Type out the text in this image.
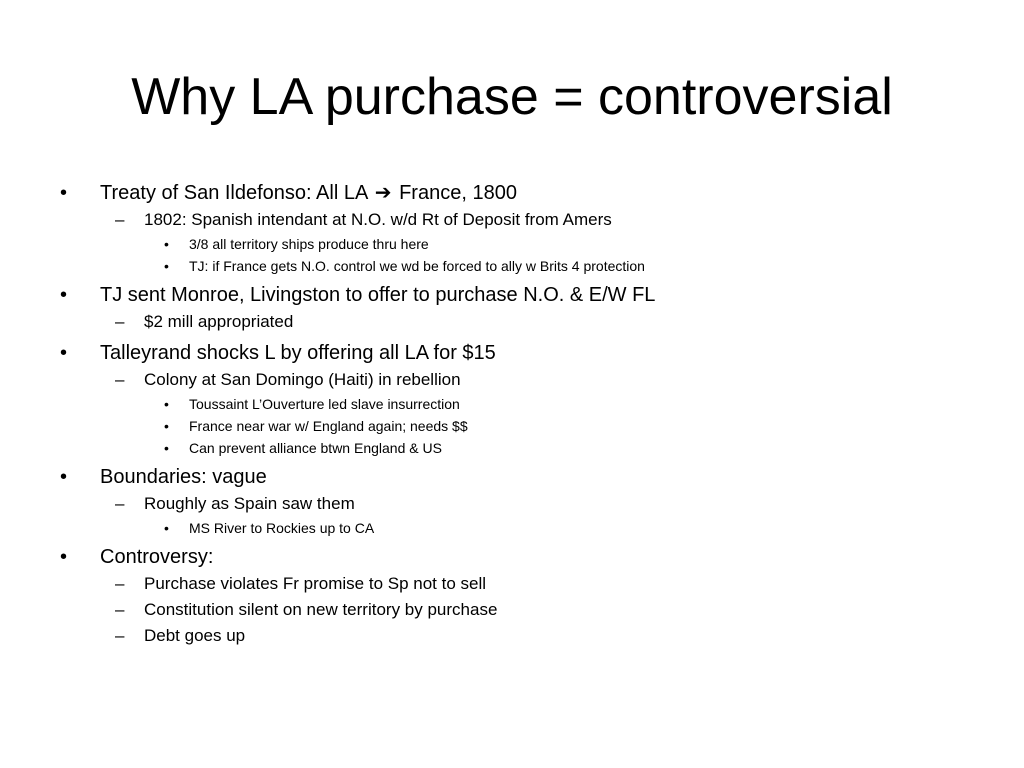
Why LA purchase = controversial
• Treaty of San Ildefonso: All LA ➔ France, 1800
– 1802: Spanish intendant at N.O. w/d Rt of Deposit from Amers
• 3/8 all territory ships produce thru here
• TJ: if France gets N.O. control we wd be forced to ally w Brits 4 protection
• TJ sent Monroe, Livingston to offer to purchase N.O. & E/W FL
– $2 mill appropriated
• Talleyrand shocks L by offering all LA for $15
– Colony at San Domingo (Haiti) in rebellion
• Toussaint L’Ouverture led slave insurrection
• France near war w/ England again; needs $$
• Can prevent alliance btwn England & US
• Boundaries: vague
– Roughly as Spain saw them
• MS River to Rockies up to CA
• Controversy:
– Purchase violates Fr promise to Sp not to sell
– Constitution silent on new territory by purchase
– Debt goes up
